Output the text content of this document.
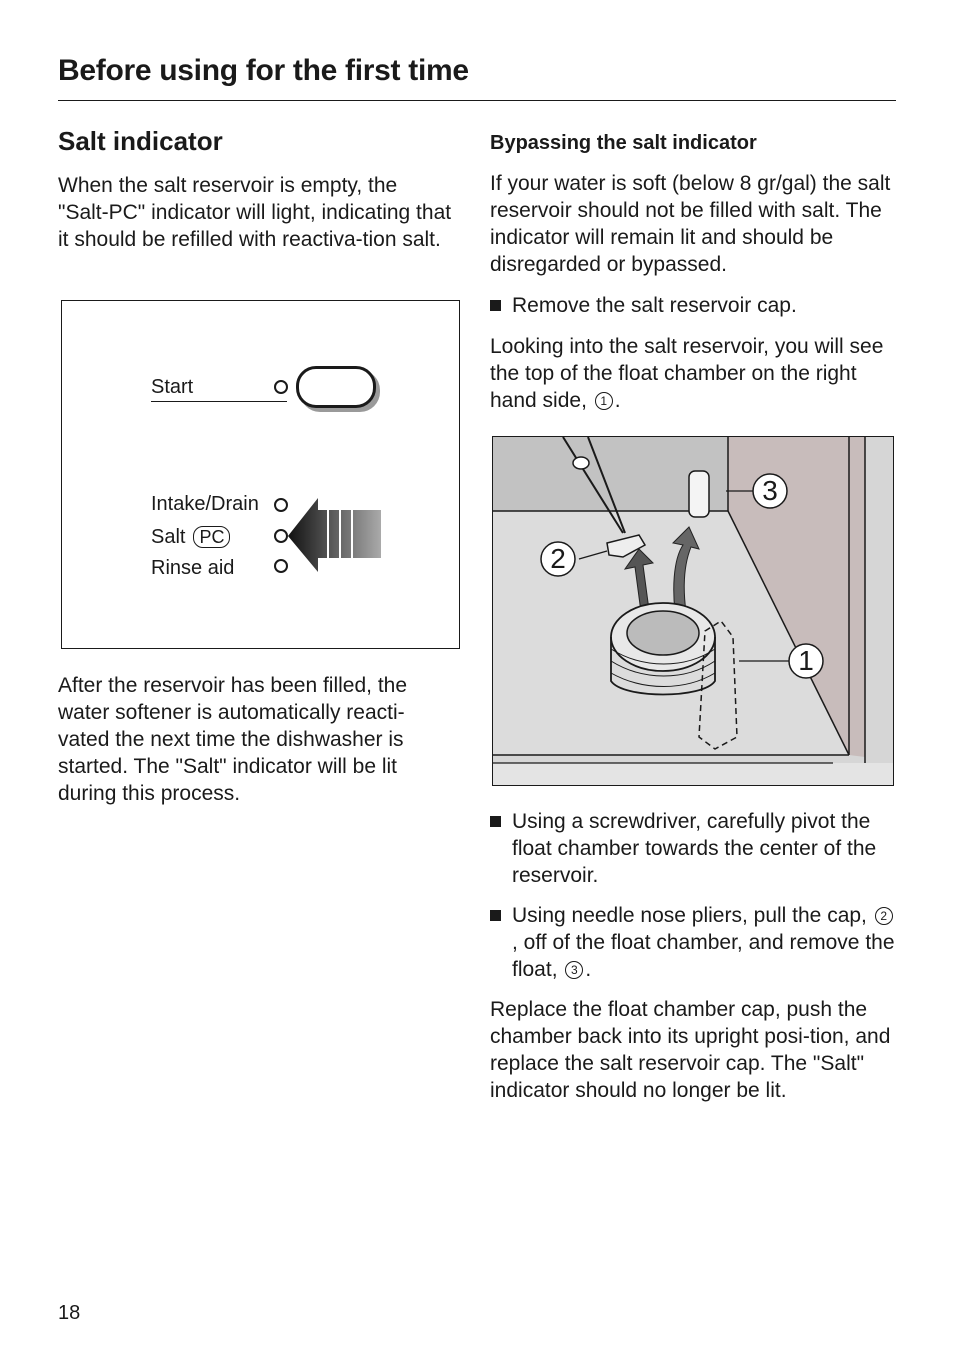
Before using for the first time
Salt indicator

When the salt reservoir is empty, the "Salt-PC" indicator will light, indicating that it should be refilled with reactiva-tion salt.

Start
Intake/Drain
Salt PC
Rinse aid

After the reservoir has been filled, the water softener is automatically reacti-vated the next time the dishwasher is started. The "Salt" indicator will be lit during this process.

Bypassing the salt indicator

If your water is soft (below 8 gr/gal) the salt reservoir should not be filled with salt. The indicator will remain lit and should be disregarded or bypassed.

Remove the salt reservoir cap.

Looking into the salt reservoir, you will see the top of the float chamber on the right hand side, 1 .

3
2
1

Using a screwdriver, carefully pivot the float chamber towards the center of the reservoir.

Using needle nose pliers, pull the cap, 2, off of the float chamber, and remove the float, 3 .

Replace the float chamber cap, push the chamber back into its upright posi-tion, and replace the salt reservoir cap. The "Salt" indicator should no longer be lit.

18
